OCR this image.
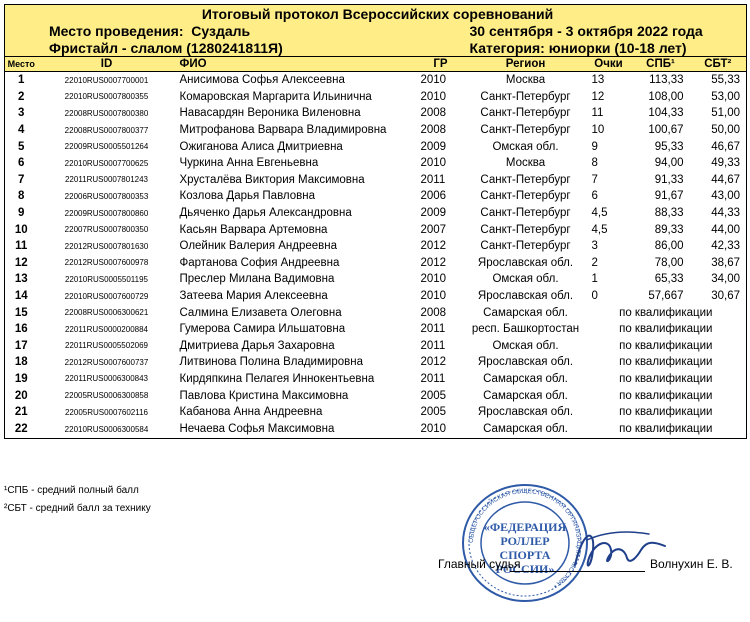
Итоговый протокол Всероссийских соревнований							
Место проведения: Суздаль				30 сентября - 3 октября 2022 года			
Фристайл - слалом (1280241811Я)				Категория: юниорки (10-18 лет)			
Место	ID	ФИО	ГР	Регион	Очки	СПБ¹	СБТ²
1	22010RUS0007700001	Анисимова Софья Алексеевна	2010	Москва	13	113,33	55,33
2	22010RUS0007800355	Комаровская Маргарита Ильинична	2010	Санкт-Петербург	12	108,00	53,00
3	22008RUS0007800380	Навасардян Вероника Виленовна	2008	Санкт-Петербург	11	104,33	51,00
4	22008RUS0007800377	Митрофанова Варвара Владимировна	2008	Санкт-Петербург	10	100,67	50,00
5	22009RUS0005501264	Ожиганова Алиса Дмитриевна	2009	Омская обл.	9	95,33	46,67
6	22010RUS0007700625	Чуркина Анна Евгеньевна	2010	Москва	8	94,00	49,33
7	22011RUS0007801243	Хрусталёва Виктория Максимовна	2011	Санкт-Петербург	7	91,33	44,67
8	22006RUS0007800353	Козлова Дарья Павловна	2006	Санкт-Петербург	6	91,67	43,00
9	22009RUS0007800860	Дьяченко Дарья Александровна	2009	Санкт-Петербург	4,5	88,33	44,33
10	22007RUS0007800350	Касьян Варвара Артемовна	2007	Санкт-Петербург	4,5	89,33	44,00
11	22012RUS0007801630	Олейник Валерия Андреевна	2012	Санкт-Петербург	3	86,00	42,33
12	22012RUS0007600978	Фартанова София Андреевна	2012	Ярославская обл.	2	78,00	38,67
13	22010RUS0005501195	Преслер Милана Вадимовна	2010	Омская обл.	1	65,33	34,00
14	22010RUS0007600729	Затеева Мария Алексеевна	2010	Ярославская обл.	0	57,667	30,67
15	22008RUS0006300621	Салмина Елизавета Олеговна	2008	Самарская обл.	по квалификации		
16	22011RUS0000200884	Гумерова Самира Ильшатовна	2011	респ. Башкортостан	по квалификации		
17	22011RUS0005502069	Дмитриева Дарья Захаровна	2011	Омская обл.	по квалификации		
18	22012RUS0007600737	Литвинова Полина Владимировна	2012	Ярославская обл.	по квалификации		
19	22011RUS0006300843	Кирдяпкина Пелагея Иннокентьевна	2011	Самарская обл.	по квалификации		
20	22005RUS0006300858	Павлова Кристина Максимовна	2005	Самарская обл.	по квалификации		
21	22005RUS0007602116	Кабанова Анна Андреевна	2005	Ярославская обл.	по квалификации		
22	22010RUS0006300584	Нечаева Софья Максимовна	2010	Самарская обл.	по квалификации		
¹СПБ - средний полный балл
²СБТ - средний балл за технику
ОБЩЕРОССИЙСКАЯ ОБЩЕСТВЕННАЯ ОРГАНИЗАЦИЯ • МОСКВА •
«ФЕДЕРАЦИЯ
РОЛЛЕР
СПОРТА
РОССИИ»
Главный судья	Волнухин Е. В.
